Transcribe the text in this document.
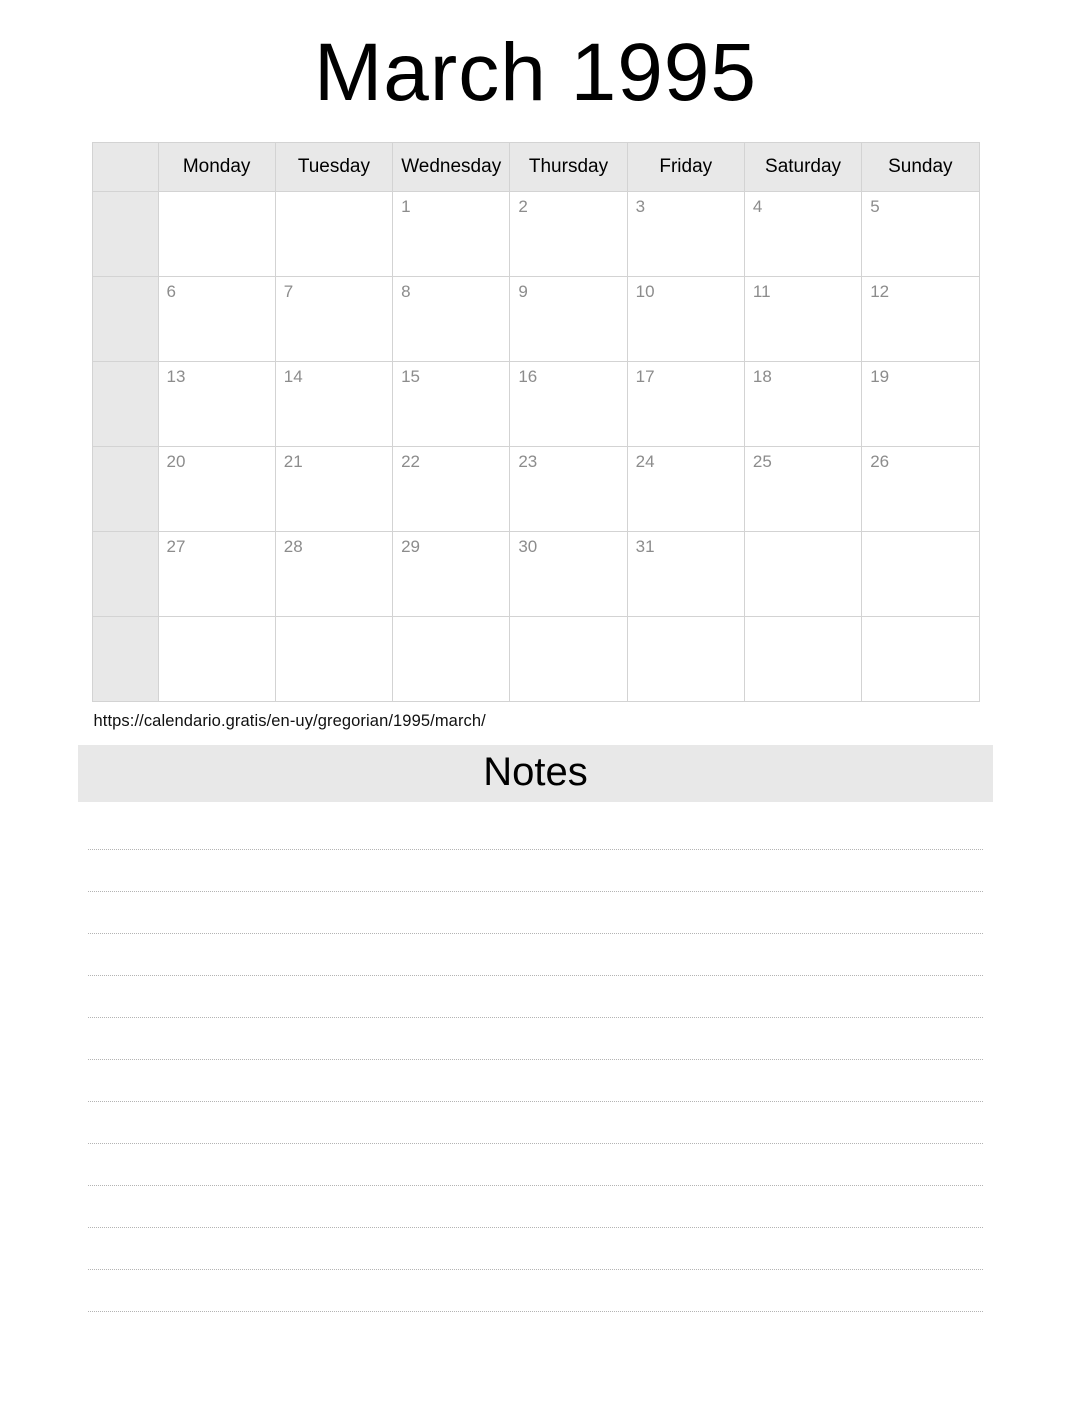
March 1995
	Monday	Tuesday	Wednesday	Thursday	Friday	Saturday	Sunday

			1	2	3	4	5

	6	7	8	9	10	11	12

	13	14	15	16	17	18	19

	20	21	22	23	24	25	26

	27	28	29	30	31		

https://calendario.gratis/en-uy/gregorian/1995/march/
Notes
